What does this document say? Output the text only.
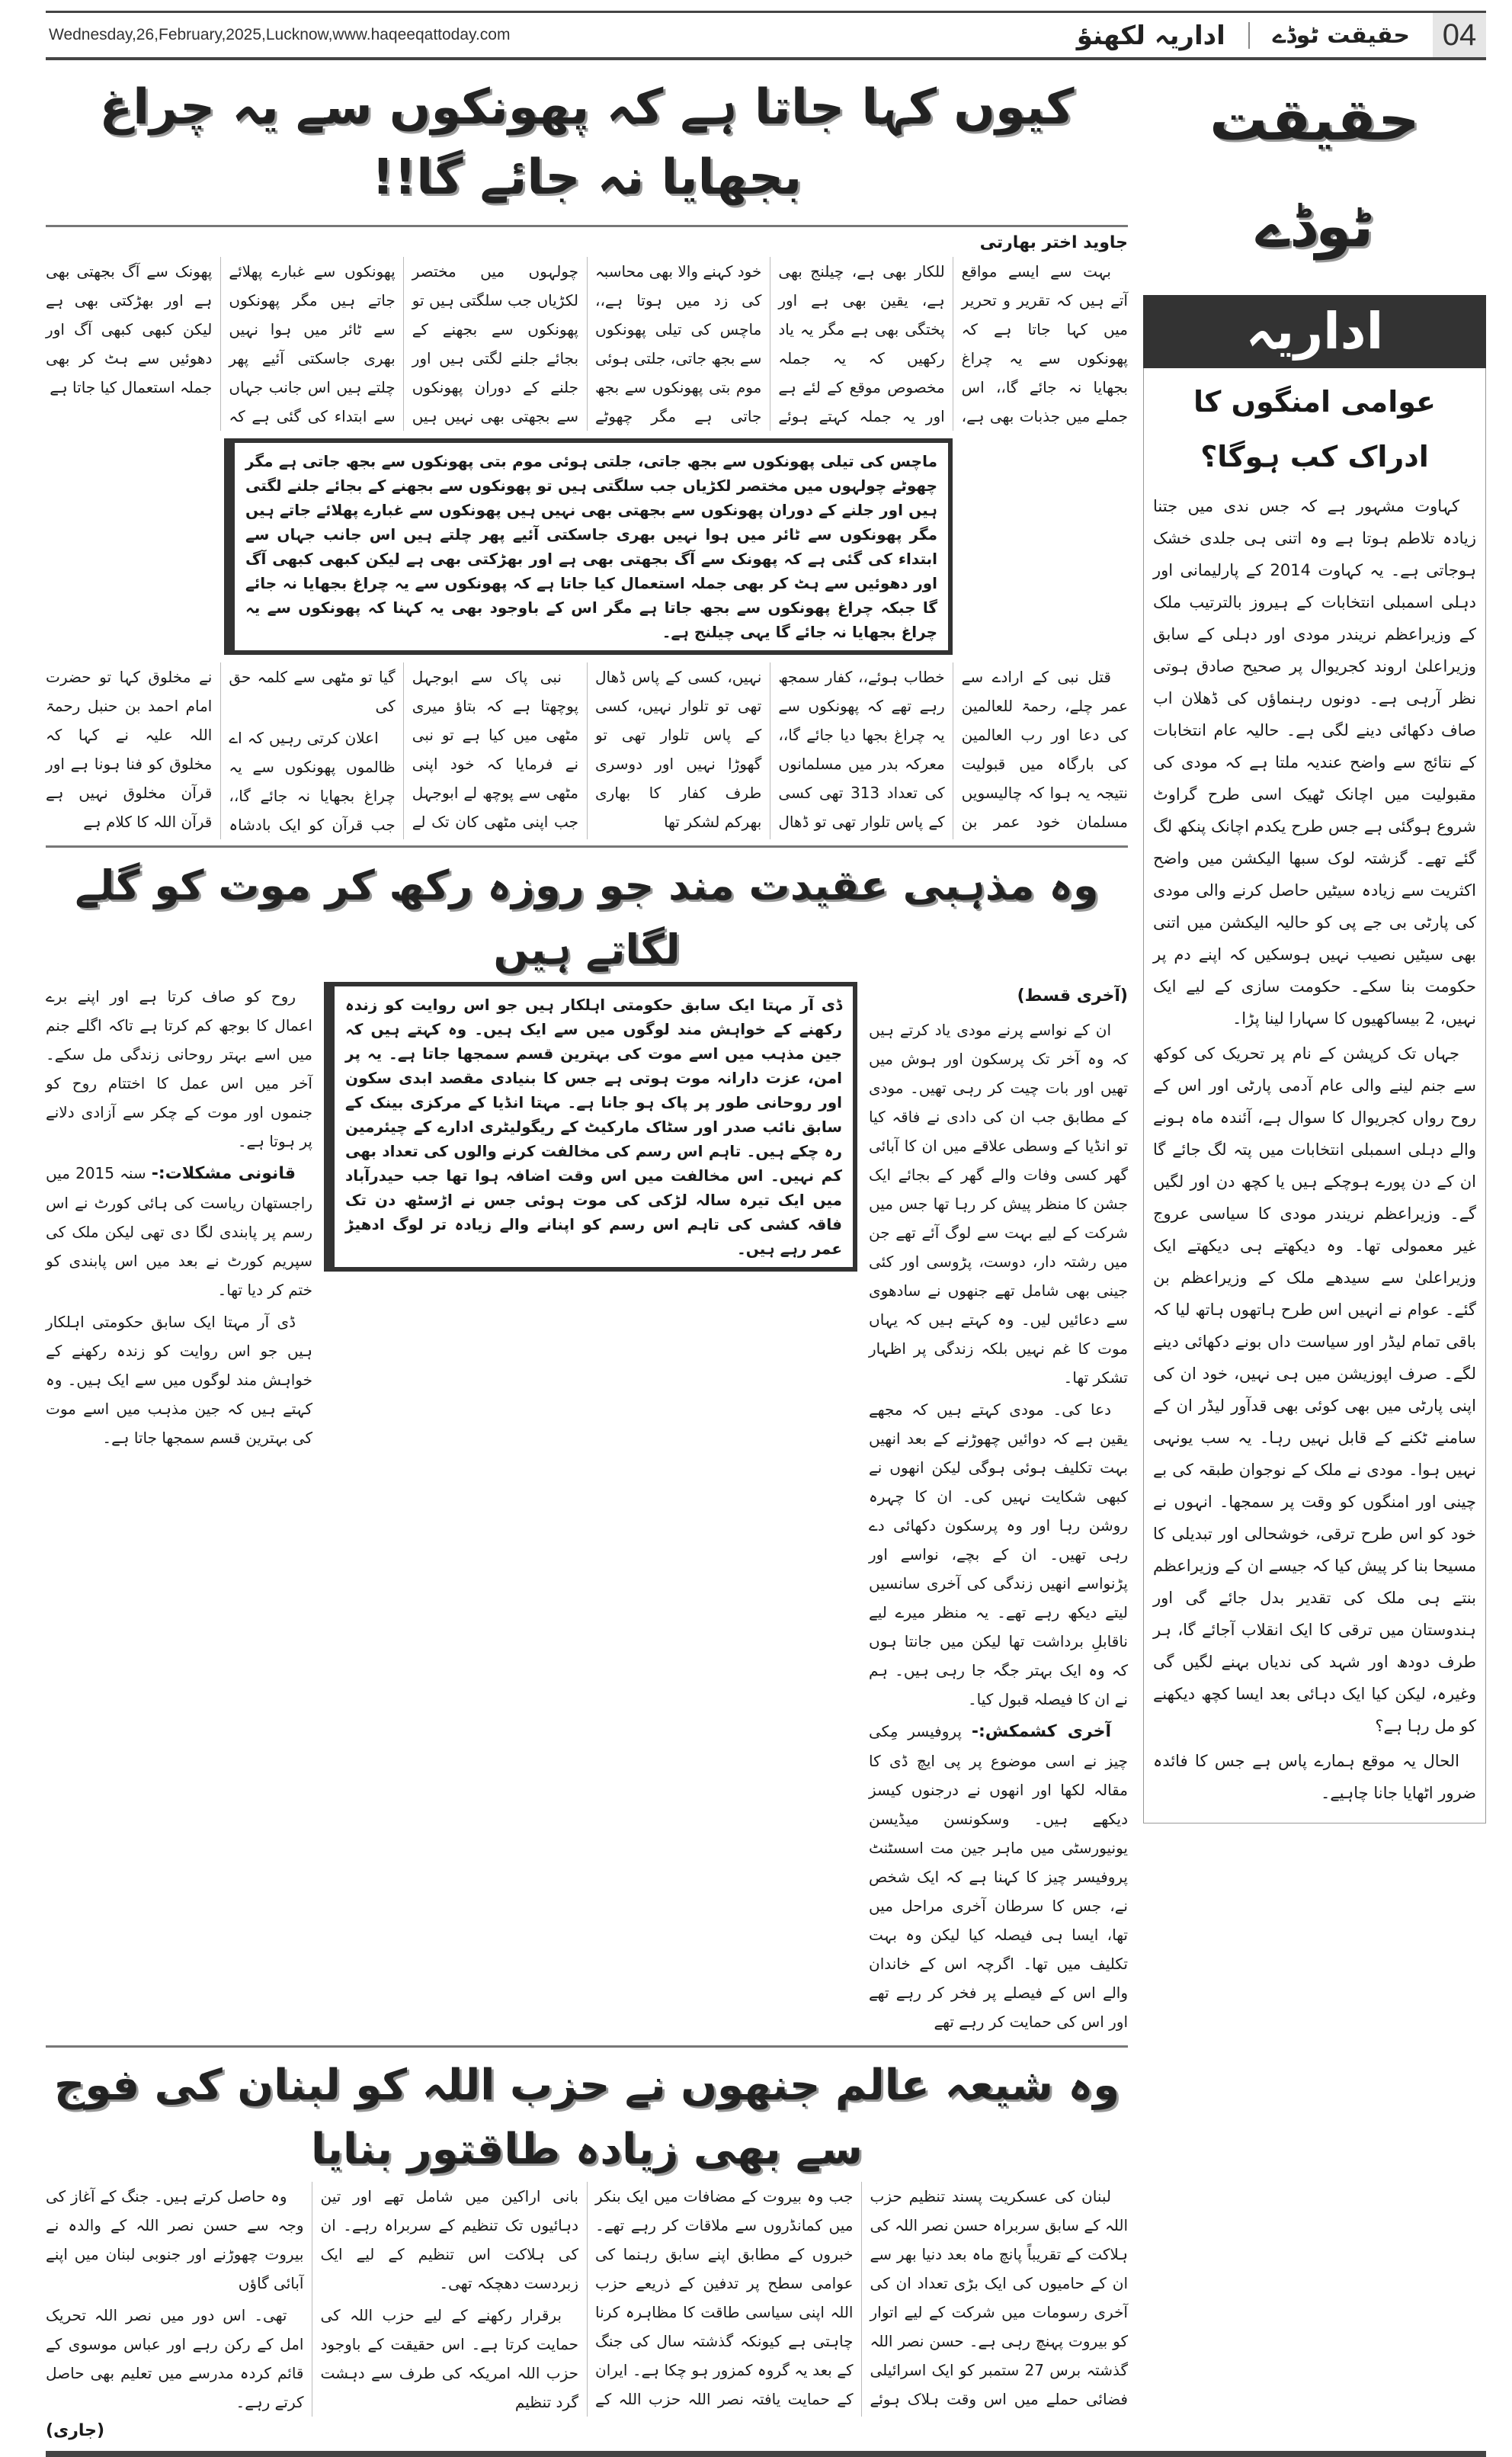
Wednesday,26,February,2025,Lucknow,www.haqeeqattoday.com	اداریہ لکھنؤ	حقیقت ٹوڈے	04
کیوں کہا جاتا ہے کہ پھونکوں سے یہ چراغ بجھایا نہ جائے گا!!
جاوید اختر بھارتی

بہت سے ایسے مواقع آتے ہیں کہ تقریر و تحریر میں کہا جاتا ہے کہ پھونکوں سے یہ چراغ بجھایا نہ جائے گا،، اس جملے میں جذبات بھی ہے، للکار بھی ہے، چیلنج بھی ہے، یقین بھی ہے اور پختگی بھی ہے مگر یہ یاد رکھیں کہ یہ جملہ مخصوص موقع کے لئے ہے اور یہ جملہ کہتے ہوئے خود کہنے والا بھی محاسبہ کی زد میں ہوتا ہے،، ماچس کی تیلی پھونکوں سے بجھ جاتی، جلتی ہوئی موم بتی پھونکوں سے بجھ جاتی ہے مگر چھوٹے چولہوں میں مختصر لکڑیاں جب سلگتی ہیں تو پھونکوں سے بجھنے کے بجائے جلنے لگتی ہیں اور جلنے کے دوران پھونکوں سے بجھتی بھی نہیں ہیں پھونکوں سے غبارے پھلائے جاتے ہیں مگر پھونکوں سے ٹائر میں ہوا نہیں بھری جاسکتی آئیے پھر چلتے ہیں اس جانب جہاں سے ابتداء کی گئی ہے کہ پھونک سے آگ بجھتی بھی ہے اور بھڑکتی بھی ہے لیکن کبھی کبھی آگ اور دھوئیں سے ہٹ کر بھی جملہ استعمال کیا جاتا ہے

ماچس کی تیلی پھونکوں سے بجھ جاتی، جلتی ہوئی موم بتی پھونکوں سے بجھ جاتی ہے مگر چھوٹے چولہوں میں مختصر لکڑیاں جب سلگتی ہیں تو پھونکوں سے بجھنے کے بجائے جلنے لگتی ہیں اور جلنے کے دوران پھونکوں سے بجھتی بھی نہیں ہیں پھونکوں سے غبارے پھلائے جاتے ہیں مگر پھونکوں سے ٹائر میں ہوا نہیں بھری جاسکتی آئیے پھر چلتے ہیں اس جانب جہاں سے ابتداء کی گئی ہے کہ پھونک سے آگ بجھتی بھی ہے اور بھڑکتی بھی ہے لیکن کبھی کبھی آگ اور دھوئیں سے ہٹ کر بھی جملہ استعمال کیا جاتا ہے کہ پھونکوں سے یہ چراغ بجھایا نہ جائے گا جبکہ چراغ پھونکوں سے بجھ جاتا ہے مگر اس کے باوجود بھی یہ کہنا کہ پھونکوں سے یہ چراغ بجھایا نہ جائے گا یہی چیلنج ہے۔

قتل نبی کے ارادے سے عمر چلے، رحمۃ للعالمین کی دعا اور رب العالمین کی بارگاہ میں قبولیت نتیجہ یہ ہوا کہ چالیسویں مسلمان خود عمر بن خطاب ہوئے،، کفار سمجھ رہے تھے کہ پھونکوں سے یہ چراغ بجھا دیا جائے گا،، معرکہ بدر میں مسلمانوں کی تعداد 313 تھی کسی کے پاس تلوار تھی تو ڈھال نہیں، کسی کے پاس ڈھال تھی تو تلوار نہیں، کسی کے پاس تلوار تھی تو گھوڑا نہیں اور دوسری طرف کفار کا بھاری بھرکم لشکر تھا

نبی پاک سے ابوجہل پوچھتا ہے کہ بتاؤ میری مٹھی میں کیا ہے تو نبی نے فرمایا کہ خود اپنی مٹھی سے پوچھ لے ابوجہل جب اپنی مٹھی کان تک لے گیا تو مٹھی سے کلمہ حق کی

اعلان کرتی رہیں کہ اے ظالموں پھونکوں سے یہ چراغ بجھایا نہ جائے گا،، جب قرآن کو ایک بادشاہ نے مخلوق کہا تو حضرت امام احمد بن حنبل رحمۃ اللہ علیہ نے کہا کہ مخلوق کو فنا ہونا ہے اور قرآن مخلوق نہیں ہے قرآن اللہ کا کلام ہے

وہ مذہبی عقیدت مند جو روزہ رکھ کر موت کو گلے لگاتے ہیں
(آخری قسط)

ان کے نواسے پرنے مودی یاد کرتے ہیں کہ وہ آخر تک پرسکون اور ہوش میں تھیں اور بات چیت کر رہی تھیں۔ مودی کے مطابق جب ان کی دادی نے فاقہ کیا تو انڈیا کے وسطی علاقے میں ان کا آبائی گھر کسی وفات والے گھر کے بجائے ایک جشن کا منظر پیش کر رہا تھا جس میں شرکت کے لیے بہت سے لوگ آئے تھے جن میں رشتہ دار، دوست، پڑوسی اور کئی جینی بھی شامل تھے جنھوں نے سادھوی سے دعائیں لیں۔ وہ کہتے ہیں کہ یہاں موت کا غم نہیں بلکہ زندگی پر اظہار تشکر تھا۔

دعا کی۔ مودی کہتے ہیں کہ مجھے یقین ہے کہ دوائیں چھوڑنے کے بعد انھیں بہت تکلیف ہوئی ہوگی لیکن انھوں نے کبھی شکایت نہیں کی۔ ان کا چہرہ روشن رہا اور وہ پرسکون دکھائی دے رہی تھیں۔ ان کے بچے، نواسے اور پڑنواسے انھیں زندگی کی آخری سانسیں لیتے دیکھ رہے تھے۔ یہ منظر میرے لیے ناقابلِ برداشت تھا لیکن میں جانتا ہوں کہ وہ ایک بہتر جگہ جا رہی ہیں۔ ہم نے ان کا فیصلہ قبول کیا۔

آخری کشمکش:- پروفیسر مِکی چیز نے اسی موضوع پر پی ایچ ڈی کا مقالہ لکھا اور انھوں نے درجنوں کیسز دیکھے ہیں۔ وسکونسن میڈیسن یونیورسٹی میں ماہر جین مت اسسٹنٹ پروفیسر چیز کا کہنا ہے کہ ایک شخص نے، جس کا سرطان آخری مراحل میں تھا، ایسا ہی فیصلہ کیا لیکن وہ بہت تکلیف میں تھا۔ اگرچہ اس کے خاندان والے اس کے فیصلے پر فخر کر رہے تھے اور اس کی حمایت کر رہے تھے

ڈی آر مہتا ایک سابق حکومتی اہلکار ہیں جو اس روایت کو زندہ رکھنے کے خواہش مند لوگوں میں سے ایک ہیں۔ وہ کہتے ہیں کہ جین مذہب میں اسے موت کی بہترین قسم سمجھا جاتا ہے۔ یہ پر امن، عزت دارانہ موت ہوتی ہے جس کا بنیادی مقصد ابدی سکون اور روحانی طور پر پاک ہو جانا ہے۔ مہتا انڈیا کے مرکزی بینک کے سابق نائب صدر اور سٹاک مارکیٹ کے ریگولیٹری ادارے کے چیئرمین رہ چکے ہیں۔ تاہم اس رسم کی مخالفت کرنے والوں کی تعداد بھی کم نہیں۔ اس مخالفت میں اس وقت اضافہ ہوا تھا جب حیدرآباد میں ایک تیرہ سالہ لڑکی کی موت ہوئی جس نے اڑسٹھ دن تک فاقہ کشی کی تاہم اس رسم کو اپنانے والے زیادہ تر لوگ ادھیڑ عمر رہے ہیں۔

روح کو صاف کرتا ہے اور اپنے برے اعمال کا بوجھ کم کرتا ہے تاکہ اگلے جنم میں اسے بہتر روحانی زندگی مل سکے۔ آخر میں اس عمل کا اختتام روح کو جنموں اور موت کے چکر سے آزادی دلانے پر ہوتا ہے۔

قانونی مشکلات:- سنہ 2015 میں راجستھان ریاست کی ہائی کورٹ نے اس رسم پر پابندی لگا دی تھی لیکن ملک کی سپریم کورٹ نے بعد میں اس پابندی کو ختم کر دیا تھا۔

ڈی آر مہتا ایک سابق حکومتی اہلکار ہیں جو اس روایت کو زندہ رکھنے کے خواہش مند لوگوں میں سے ایک ہیں۔ وہ کہتے ہیں کہ جین مذہب میں اسے موت کی بہترین قسم سمجھا جاتا ہے۔

وہ شیعہ عالم جنھوں نے حزب اللہ کو لبنان کی فوج سے بھی زیادہ طاقتور بنایا

لبنان کی عسکریت پسند تنظیم حزب اللہ کے سابق سربراہ حسن نصر اللہ کی ہلاکت کے تقریباً پانچ ماہ بعد دنیا بھر سے ان کے حامیوں کی ایک بڑی تعداد ان کی آخری رسومات میں شرکت کے لیے اتوار کو بیروت پہنچ رہی ہے۔ حسن نصر اللہ گذشتہ برس 27 ستمبر کو ایک اسرائیلی فضائی حملے میں اس وقت ہلاک ہوئے جب وہ بیروت کے مضافات میں ایک بنکر میں کمانڈروں سے ملاقات کر رہے تھے۔ خبروں کے مطابق اپنے سابق رہنما کی عوامی سطح پر تدفین کے ذریعے حزب اللہ اپنی سیاسی طاقت کا مظاہرہ کرنا چاہتی ہے کیونکہ گذشتہ سال کی جنگ کے بعد یہ گروہ کمزور ہو چکا ہے۔ ایران کے حمایت یافتہ نصر اللہ حزب اللہ کے بانی اراکین میں شامل تھے اور تین دہائیوں تک تنظیم کے سربراہ رہے۔ ان کی ہلاکت اس تنظیم کے لیے ایک زبردست دھچکہ تھی۔

برقرار رکھنے کے لیے حزب اللہ کی حمایت کرتا ہے۔ اس حقیقت کے باوجود حزب اللہ امریکہ کی طرف سے دہشت گرد تنظیم

وہ حاصل کرتے ہیں۔ جنگ کے آغاز کی وجہ سے حسن نصر اللہ کے والدہ نے بیروت چھوڑنے اور جنوبی لبنان میں اپنے آبائی گاؤں

تھی۔ اس دور میں نصر اللہ تحریک امل کے رکن رہے اور عباس موسوی کے قائم کردہ مدرسے میں تعلیم بھی حاصل کرتے رہے۔

(جاری)
حقیقت ٹوڈے
اداریہ
عوامی امنگوں کا ادراک کب ہوگا؟

کہاوت مشہور ہے کہ جس ندی میں جتنا زیادہ تلاطم ہوتا ہے وہ اتنی ہی جلدی خشک ہوجاتی ہے۔ یہ کہاوت 2014 کے پارلیمانی اور دہلی اسمبلی انتخابات کے ہیروز بالترتیب ملک کے وزیراعظم نریندر مودی اور دہلی کے سابق وزیراعلیٰ اروند کجریوال پر صحیح صادق ہوتی نظر آرہی ہے۔ دونوں رہنماؤں کی ڈھلان اب صاف دکھائی دینے لگی ہے۔ حالیہ عام انتخابات کے نتائج سے واضح عندیہ ملتا ہے کہ مودی کی مقبولیت میں اچانک ٹھیک اسی طرح گراوٹ شروع ہوگئی ہے جس طرح یکدم اچانک پنکھ لگ گئے تھے۔ گزشتہ لوک سبھا الیکشن میں واضح اکثریت سے زیادہ سیٹیں حاصل کرنے والی مودی کی پارٹی بی جے پی کو حالیہ الیکشن میں اتنی بھی سیٹیں نصیب نہیں ہوسکیں کہ اپنے دم پر حکومت بنا سکے۔ حکومت سازی کے لیے ایک نہیں، 2 بیساکھیوں کا سہارا لینا پڑا۔

جہاں تک کرپشن کے نام پر تحریک کی کوکھ سے جنم لینے والی عام آدمی پارٹی اور اس کے روح رواں کجریوال کا سوال ہے، آئندہ ماہ ہونے والے دہلی اسمبلی انتخابات میں پتہ لگ جائے گا ان کے دن پورے ہوچکے ہیں یا کچھ دن اور لگیں گے۔ وزیراعظم نریندر مودی کا سیاسی عروج غیر معمولی تھا۔ وہ دیکھتے ہی دیکھتے ایک وزیراعلیٰ سے سیدھے ملک کے وزیراعظم بن گئے۔ عوام نے انہیں اس طرح ہاتھوں ہاتھ لیا کہ باقی تمام لیڈر اور سیاست داں بونے دکھائی دینے لگے۔ صرف اپوزیشن میں ہی نہیں، خود ان کی اپنی پارٹی میں بھی کوئی بھی قدآور لیڈر ان کے سامنے ٹکنے کے قابل نہیں رہا۔ یہ سب یونہی نہیں ہوا۔ مودی نے ملک کے نوجوان طبقہ کی بے چینی اور امنگوں کو وقت پر سمجھا۔ انہوں نے خود کو اس طرح ترقی، خوشحالی اور تبدیلی کا مسیحا بنا کر پیش کیا کہ جیسے ان کے وزیراعظم بنتے ہی ملک کی تقدیر بدل جائے گی اور ہندوستان میں ترقی کا ایک انقلاب آجائے گا، ہر طرف دودھ اور شہد کی ندیاں بہنے لگیں گی وغیرہ، لیکن کیا ایک دہائی بعد ایسا کچھ دیکھنے کو مل رہا ہے؟

الحال یہ موقع ہمارے پاس ہے جس کا فائدہ ضرور اٹھایا جانا چاہیے۔
